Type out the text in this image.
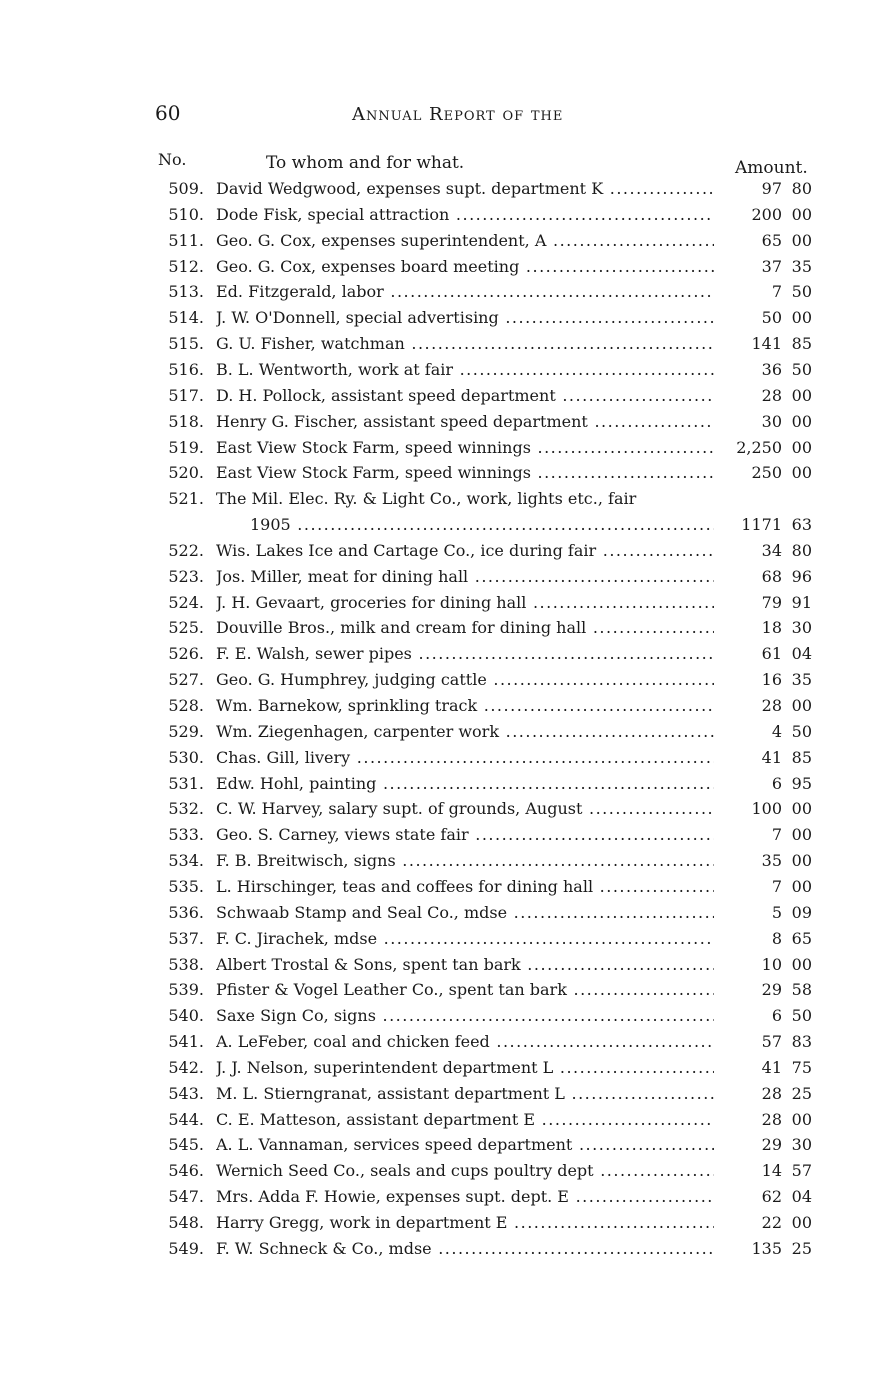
60	Annual Report of the
No.	To whom and for what.	Amount.
509. David Wedgwood, expenses supt. department K .....	97 80
510. Dode Fisk, special attraction .....	200 00
511. Geo. G. Cox, expenses superintendent, A .....	65 00
512. Geo. G. Cox, expenses board meeting .....	37 35
513. Ed. Fitzgerald, labor .....	7 50
514. J. W. O'Donnell, special advertising .....	50 00
515. G. U. Fisher, watchman .....	141 85
516. B. L. Wentworth, work at fair .....	36 50
517. D. H. Pollock, assistant speed department .....	28 00
518. Henry G. Fischer, assistant speed department .....	30 00
519. East View Stock Farm, speed winnings .....	2,250 00
520. East View Stock Farm, speed winnings .....	250 00
521. The Mil. Elec. Ry. & Light Co., work, lights etc., fair
1905 .....	1171 63
522. Wis. Lakes Ice and Cartage Co., ice during fair .....	34 80
523. Jos. Miller, meat for dining hall .....	68 96
524. J. H. Gevaart, groceries for dining hall .....	79 91
525. Douville Bros., milk and cream for dining hall .....	18 30
526. F. E. Walsh, sewer pipes .....	61 04
527. Geo. G. Humphrey, judging cattle .....	16 35
528. Wm. Barnekow, sprinkling track .....	28 00
529. Wm. Ziegenhagen, carpenter work .....	4 50
530. Chas. Gill, livery .....	41 85
531. Edw. Hohl, painting .....	6 95
532. C. W. Harvey, salary supt. of grounds, August .....	100 00
533. Geo. S. Carney, views state fair .....	7 00
534. F. B. Breitwisch, signs .....	35 00
535. L. Hirschinger, teas and coffees for dining hall .....	7 00
536. Schwaab Stamp and Seal Co., mdse .....	5 09
537. F. C. Jirachek, mdse .....	8 65
538. Albert Trostal & Sons, spent tan bark .....	10 00
539. Pfister & Vogel Leather Co., spent tan bark .....	29 58
540. Saxe Sign Co, signs .....	6 50
541. A. LeFeber, coal and chicken feed .....	57 83
542. J. J. Nelson, superintendent department L .....	41 75
543. M. L. Stierngranat, assistant department L .....	28 25
544. C. E. Matteson, assistant department E .....	28 00
545. A. L. Vannaman, services speed department .....	29 30
546. Wernich Seed Co., seals and cups poultry dept .....	14 57
547. Mrs. Adda F. Howie, expenses supt. dept. E .....	62 04
548. Harry Gregg, work in department E .....	22 00
549. F. W. Schneck & Co., mdse .....	135 25
